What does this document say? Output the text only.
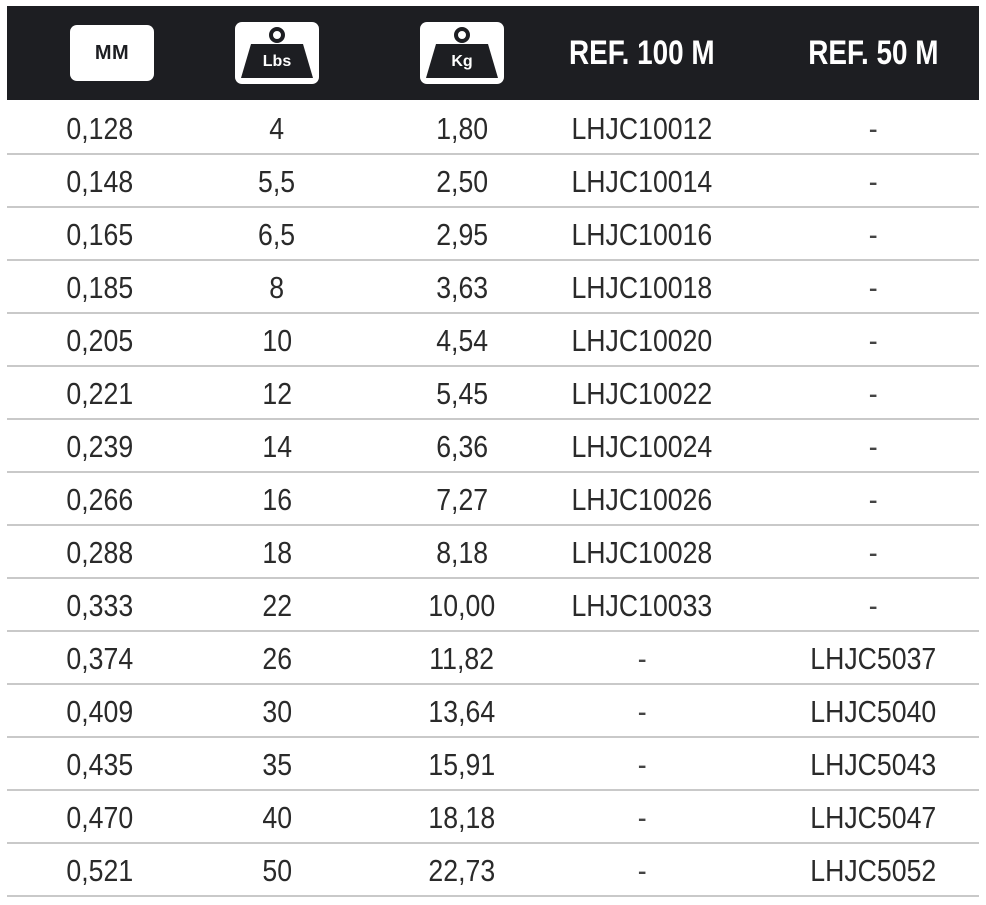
MM	Lbs	Kg	REF. 100 M	REF. 50 M
0,128	4	1,80	LHJC10012	-
0,148	5,5	2,50	LHJC10014	-
0,165	6,5	2,95	LHJC10016	-
0,185	8	3,63	LHJC10018	-
0,205	10	4,54	LHJC10020	-
0,221	12	5,45	LHJC10022	-
0,239	14	6,36	LHJC10024	-
0,266	16	7,27	LHJC10026	-
0,288	18	8,18	LHJC10028	-
0,333	22	10,00	LHJC10033	-
0,374	26	11,82	-	LHJC5037
0,409	30	13,64	-	LHJC5040
0,435	35	15,91	-	LHJC5043
0,470	40	18,18	-	LHJC5047
0,521	50	22,73	-	LHJC5052
